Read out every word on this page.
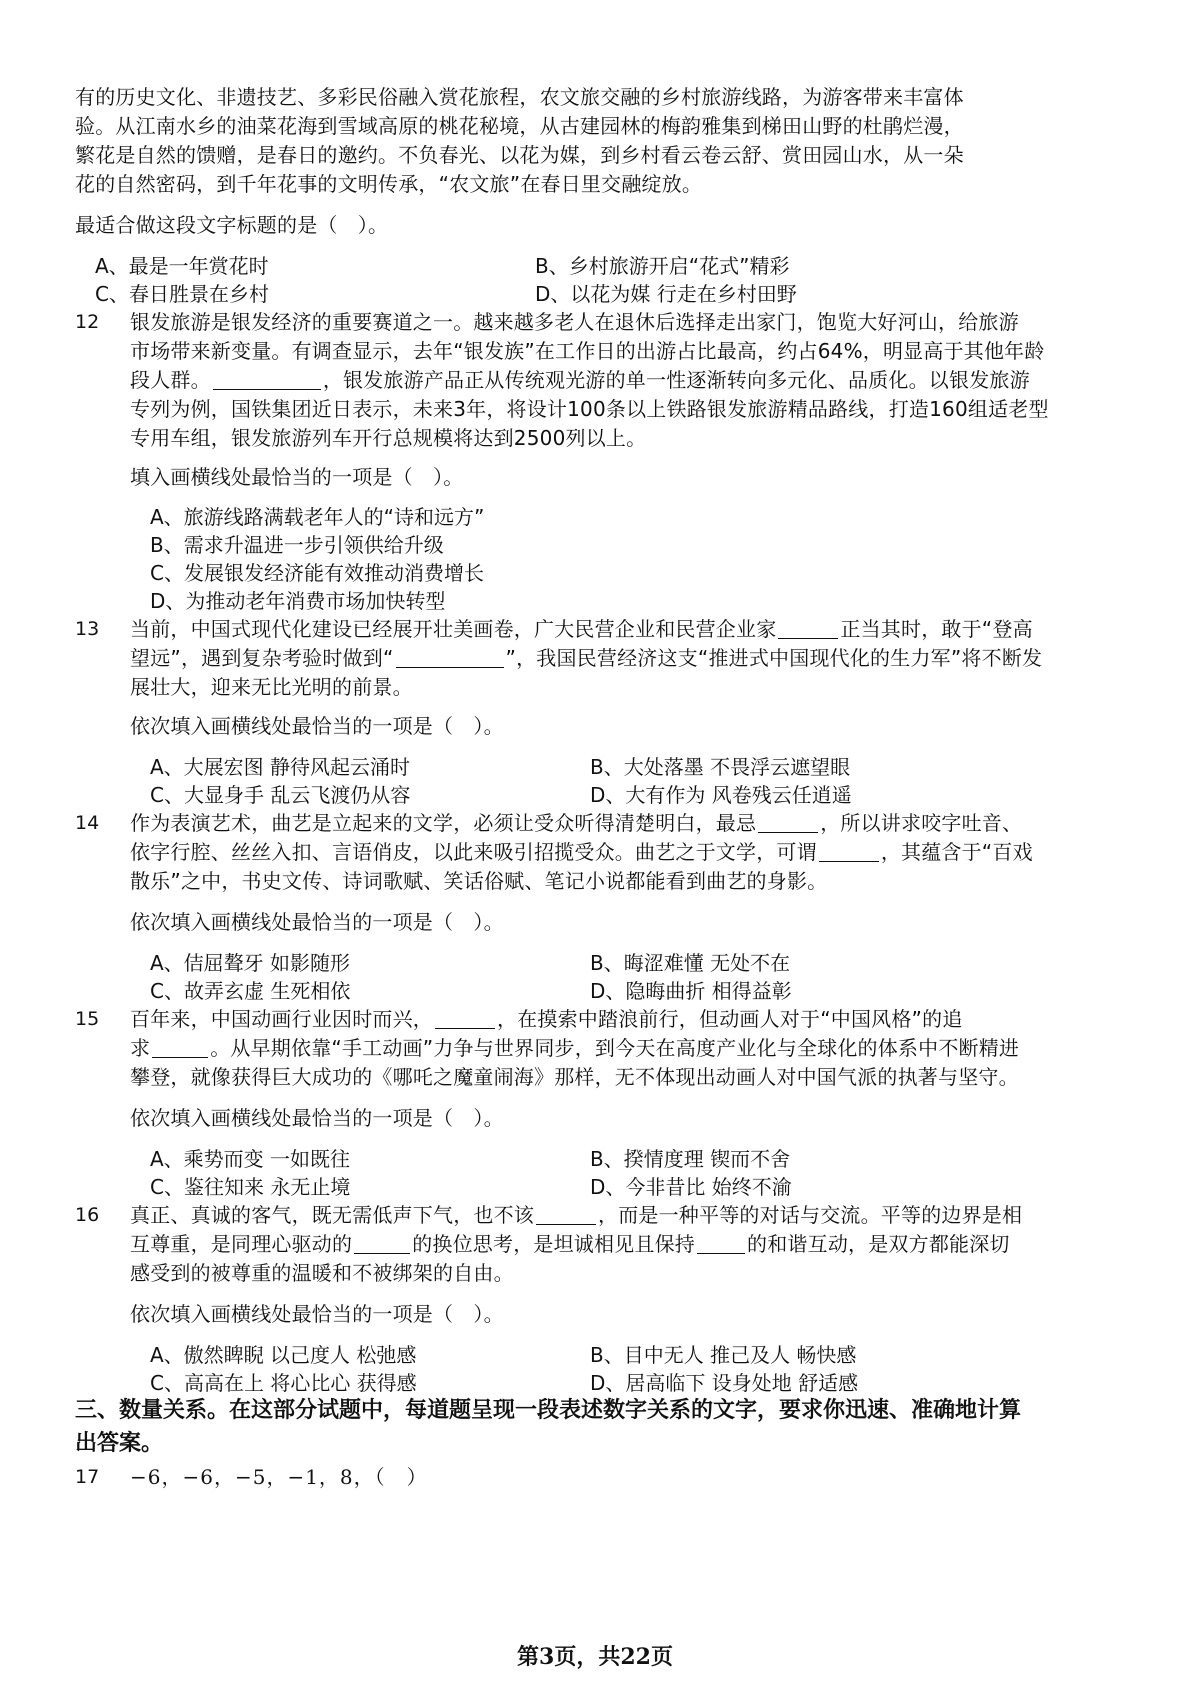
有的历史文化、非遗技艺、多彩民俗融入赏花旅程，农文旅交融的乡村旅游线路，为游客带来丰富体
验。从江南水乡的油菜花海到雪域高原的桃花秘境，从古建园林的梅韵雅集到梯田山野的杜鹃烂漫，
繁花是自然的馈赠，是春日的邀约。不负春光、以花为媒，到乡村看云卷云舒、赏田园山水，从一朵
花的自然密码，到千年花事的文明传承，“农文旅”在春日里交融绽放。
最适合做这段文字标题的是（　）。
A、最是一年赏花时	B、乡村旅游开启“花式”精彩
C、春日胜景在乡村	D、以花为媒 行走在乡村田野
12 银发旅游是银发经济的重要赛道之一。越来越多老人在退休后选择走出家门，饱览大好河山，给旅游
市场带来新变量。有调查显示，去年“银发族”在工作日的出游占比最高，约占64%，明显高于其他年龄
段人群。	，银发旅游产品正从传统观光游的单一性逐渐转向多元化、品质化。以银发旅游
专列为例，国铁集团近日表示，未来3年，将设计100条以上铁路银发旅游精品路线，打造160组适老型
专用车组，银发旅游列车开行总规模将达到2500列以上。
填入画横线处最恰当的一项是（　）。
A、旅游线路满载老年人的“诗和远方”
B、需求升温进一步引领供给升级
C、发展银发经济能有效推动消费增长
D、为推动老年消费市场加快转型
13 当前，中国式现代化建设已经展开壮美画卷，广大民营企业和民营企业家	正当其时，敢于“登高
望远”，遇到复杂考验时做到“	”，我国民营经济这支“推进式中国现代化的生力军”将不断发
展壮大，迎来无比光明的前景。
依次填入画横线处最恰当的一项是（　）。
A、大展宏图 静待风起云涌时	B、大处落墨 不畏浮云遮望眼
C、大显身手 乱云飞渡仍从容	D、大有作为 风卷残云任逍遥
14 作为表演艺术，曲艺是立起来的文学，必须让受众听得清楚明白，最忌	，所以讲求咬字吐音、
依字行腔、丝丝入扣、言语俏皮，以此来吸引招揽受众。曲艺之于文学，可谓	，其蕴含于“百戏
散乐”之中，书史文传、诗词歌赋、笑话俗赋、笔记小说都能看到曲艺的身影。
依次填入画横线处最恰当的一项是（　）。
A、佶屈聱牙 如影随形	B、晦涩难懂 无处不在
C、故弄玄虚 生死相依	D、隐晦曲折 相得益彰
15 百年来，中国动画行业因时而兴，	，在摸索中踏浪前行，但动画人对于“中国风格”的追
求	。从早期依靠“手工动画”力争与世界同步，到今天在高度产业化与全球化的体系中不断精进
攀登，就像获得巨大成功的《哪吒之魔童闹海》那样，无不体现出动画人对中国气派的执著与坚守。
依次填入画横线处最恰当的一项是（　）。
A、乘势而变 一如既往	B、揆情度理 锲而不舍
C、鉴往知来 永无止境	D、今非昔比 始终不渝
16 真正、真诚的客气，既无需低声下气，也不该	，而是一种平等的对话与交流。平等的边界是相
互尊重，是同理心驱动的	的换位思考，是坦诚相见且保持	的和谐互动，是双方都能深切
感受到的被尊重的温暖和不被绑架的自由。
依次填入画横线处最恰当的一项是（　）。
A、傲然睥睨 以己度人 松弛感	B、目中无人 推己及人 畅快感
C、高高在上 将心比心 获得感	D、居高临下 设身处地 舒适感
三、数量关系。在这部分试题中，每道题呈现一段表述数字关系的文字，要求你迅速、准确地计算
出答案。
17 −6，−6，−5，−1，8，（　）
第3页，共22页
